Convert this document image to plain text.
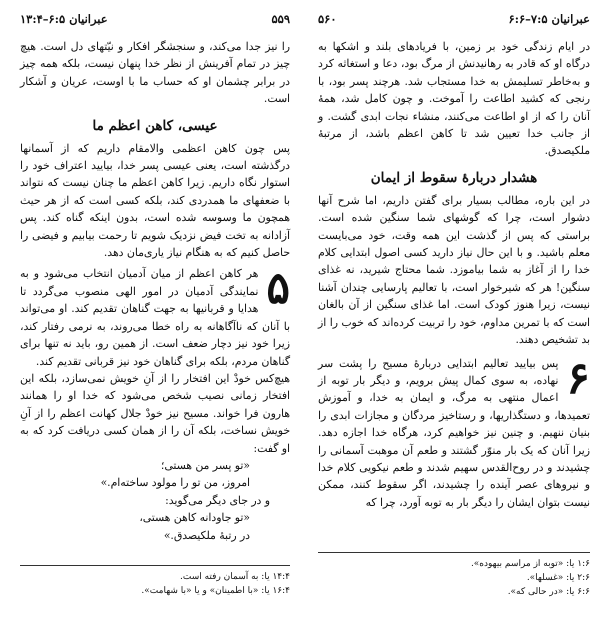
عبرانیان ۷:۵–۶:۶
۵۶۰

در ایام زندگی خود بر زمین، با فریادهای بلند و اشکها به درگاه او که قادر به رهانیدنش از مرگ بود، دعا و استغاثه کرد و به‌خاطر تسلیمش به خدا مستجاب شد. هرچند پسر بود، با رنجی که کشید اطاعت را آموخت. و چون کامل شد، همهٔ آنان را که از او اطاعت می‌کنند، منشاء نجات ابدی گشت. و از جانب خدا تعیین شد تا کاهن اعظم باشد، از مرتبهٔ ملکیصدق.

هشدار دربارهٔ سقوط از ایمان

در این باره، مطالب بسیار برای گفتن داریم، اما شرح آنها دشوار است، چرا که گوشهای شما سنگین شده است. براستی که پس از گذشت این همه وقت، خود می‌بایست معلم باشید. و با این حال نیاز دارید کسی اصول ابتدایی کلام خدا را از آغاز به شما بیاموزد. شما محتاج شیرید، نه غذای سنگین! هر که شیرخوار است، با تعالیم پارسایی چندان آشنا نیست، زیرا هنوز کودک است. اما غذای سنگین از آن بالغان است که با تمرین مداوم، خود را تربیت کرده‌اند که خوب را از بد تشخیص دهند.

۶

پس بیایید تعالیم ابتدایی دربارهٔ مسیح را پشت سر نهاده، به سوی کمال پیش برویم، و دیگر بار توبه از اعمال منتهی به مرگ، و ایمان به خدا، و آموزش تعمیدها، و دستگذاریها، و رستاخیز مردگان و مجازات ابدی را بنیان ننهیم. و چنین نیز خواهیم کرد، هرگاه خدا اجازه دهد. زیرا آنان که یک بار منوّر گشتند و طعم آن موهبت آسمانی را چشیدند و در روح‌القدس سهیم شدند و طعم نیکویی کلام خدا و نیروهای عصر آینده را چشیدند، اگر سقوط کنند، ممکن نیست بتوان ایشان را دیگر بار به توبه آورد، چرا که

۱:۶ یا: «توبه از مراسم بیهوده».
۲:۶ یا: «غسلها».
۶:۶ یا: «در حالی که».
عبرانیان ۶:۵–۱۳:۴	۵۵۹

را نیز جدا می‌کند، و سنجشگر افکار و نیّتهای دل است. هیچ چیز در تمام آفرینش از نظر خدا پنهان نیست، بلکه همه چیز در برابر چشمان او که حساب ما با اوست، عریان و آشکار است.

عیسی، کاهن اعظم ما

پس چون کاهن اعظمی والامقام داریم که از آسمانها درگذشته است، یعنی عیسی پسر خدا، بیایید اعتراف خود را استوار نگاه داریم. زیرا کاهن اعظم ما چنان نیست که نتواند با ضعفهای ما همدردی کند، بلکه کسی است که از هر حیث همچون ما وسوسه شده است، بدون اینکه گناه کند. پس آزادانه به تخت فیض نزدیک شویم تا رحمت بیابیم و فیضی را حاصل کنیم که به هنگام نیاز یاری‌مان دهد.

۵

هر کاهن اعظم از میان آدمیان انتخاب می‌شود و به نمایندگی آدمیان در امور الهی منصوب می‌گردد تا هدایا و قربانیها به جهت گناهان تقدیم کند. او می‌تواند با آنان که ناآگاهانه به راه خطا می‌روند، به نرمی رفتار کند، زیرا خود نیز دچار ضعف است. از همین رو، باید نه تنها برای گناهان مردم، بلکه برای گناهان خود نیز قربانی تقدیم کند.

هیچ‌کس خودْ این افتخار را از آنِ خویش نمی‌سازد، بلکه این افتخار زمانی نصیب شخص می‌شود که خدا او را همانند هارون فرا خواند. مسیح نیز خودْ جلال کهانت اعظم را از آنِ خویش نساخت، بلکه آن را از همان کسی دریافت کرد که به او گفت:

«تو پسر من هستی؛
امروز، من تو را مولود ساخته‌ام.»
و در جای دیگر می‌گوید:
«تو جاودانه کاهن هستی،
در رتبهٔ ملکیصدق.»
۱۴:۴ یا: به آسمان رفته است.
۱۶:۴ یا: «با اطمینان» و یا «با شهامت».
